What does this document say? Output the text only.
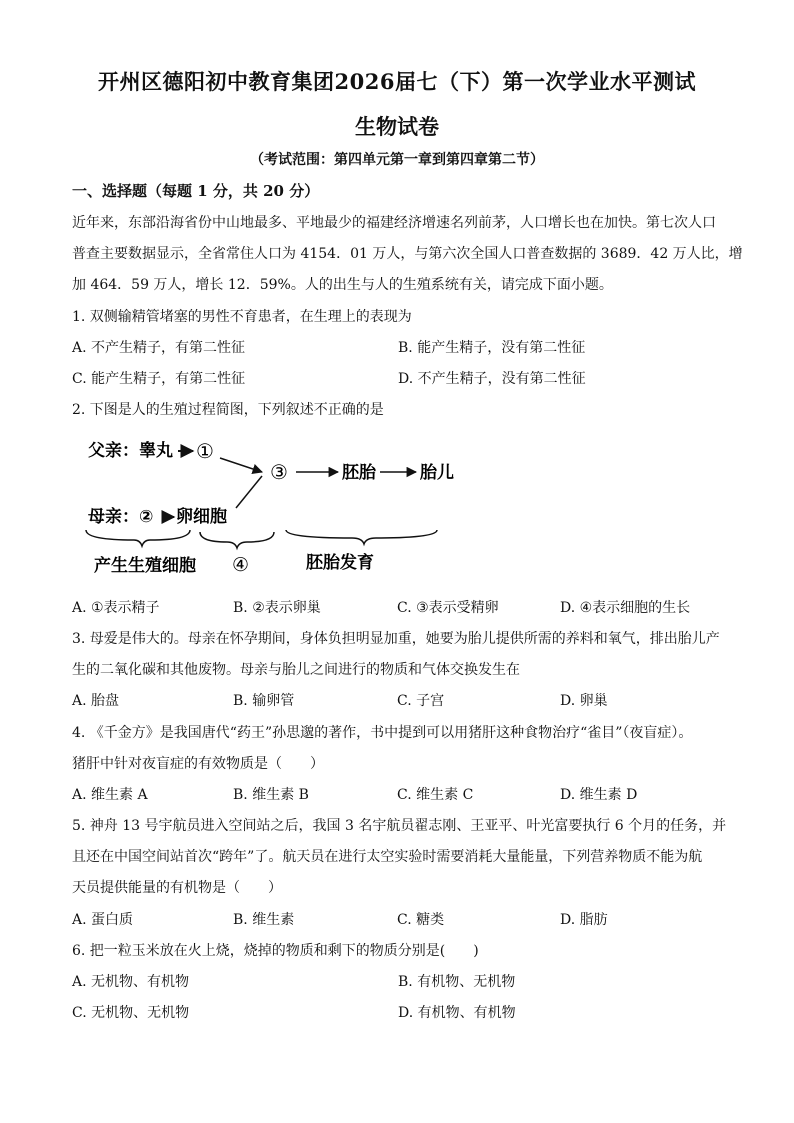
开州区德阳初中教育集团2026届七（下）第一次学业水平测试
生物试卷
（考试范围：第四单元第一章到第四章第二节）
一、选择题（每题 1 分，共 20 分）
近年来，东部沿海省份中山地最多、平地最少的福建经济增速名列前茅，人口增长也在加快。第七次人口
普查主要数据显示，全省常住人口为 4154．01 万人，与第六次全国人口普查数据的 3689．42 万人比，增
加 464．59 万人，增长 12．59%。人的出生与人的生殖系统有关，请完成下面小题。
1. 双侧输精管堵塞的男性不育患者，在生理上的表现为
A. 不产生精子，有第二性征	B. 能产生精子，没有第二性征
C. 能产生精子，有第二性征	D. 不产生精子，没有第二性征
2. 下图是人的生殖过程简图，下列叙述不正确的是
父亲：睾丸 ①
③	胚胎	胎儿
母亲：② 卵细胞
产生生殖细胞 ④	胚胎发育
A. ①表示精子	B. ②表示卵巢	C. ③表示受精卵	D. ④表示细胞的生长
3. 母爱是伟大的。母亲在怀孕期间，身体负担明显加重，她要为胎儿提供所需的养料和氧气，排出胎儿产
生的二氧化碳和其他废物。母亲与胎儿之间进行的物质和气体交换发生在
A. 胎盘	B. 输卵管	C. 子宫	D. 卵巢
4. 《千金方》是我国唐代“药王”孙思邈的著作，书中提到可以用猪肝这种食物治疗“雀目”（夜盲症）。
猪肝中针对夜盲症的有效物质是（　　）
A. 维生素 A	B. 维生素 B	C. 维生素 C	D. 维生素 D
5. 神舟 13 号宇航员进入空间站之后，我国 3 名宇航员翟志刚、王亚平、叶光富要执行 6 个月的任务，并
且还在中国空间站首次“跨年”了。航天员在进行太空实验时需要消耗大量能量，下列营养物质不能为航
天员提供能量的有机物是（　　）
A. 蛋白质	B. 维生素	C. 糖类	D. 脂肪
6. 把一粒玉米放在火上烧，烧掉的物质和剩下的物质分别是(　　)
A. 无机物、有机物	B. 有机物、无机物
C. 无机物、无机物	D. 有机物、有机物
